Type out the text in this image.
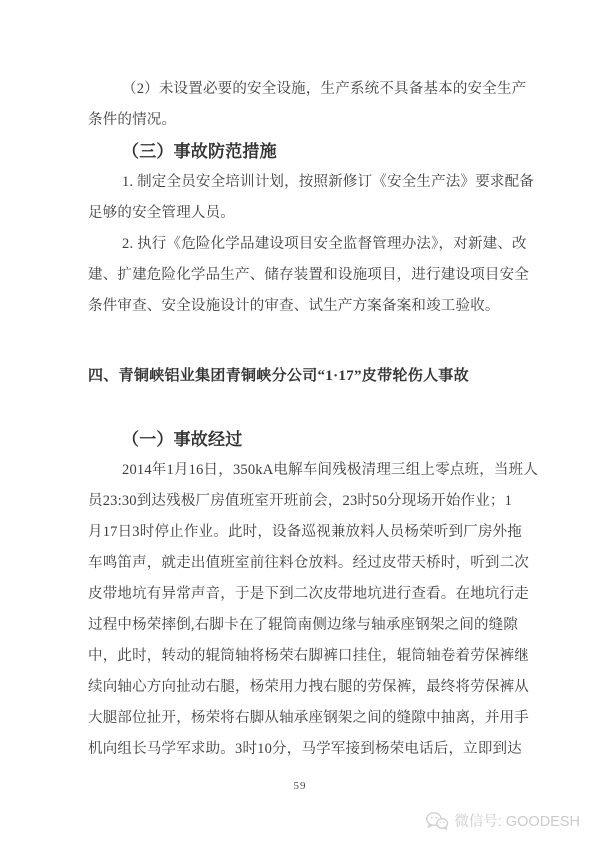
（2）未设置必要的安全设施，生产系统不具备基本的安全生产
条件的情况。
（三）事故防范措施
1. 制定全员安全培训计划，按照新修订《安全生产法》要求配备
足够的安全管理人员。
2. 执行《危险化学品建设项目安全监督管理办法》，对新建、改
建、扩建危险化学品生产、储存装置和设施项目，进行建设项目安全
条件审查、安全设施设计的审查、试生产方案备案和竣工验收。
四、青铜峡铝业集团青铜峡分公司“1·17”皮带轮伤人事故
（一）事故经过
2014年1月16日，350kA电解车间残极清理三组上零点班，当班人
员23:30到达残极厂房值班室开班前会，23时50分现场开始作业；1
月17日3时停止作业。此时，设备巡视兼放料人员杨荣听到厂房外拖
车鸣笛声，就走出值班室前往料仓放料。经过皮带天桥时，听到二次
皮带地坑有异常声音，于是下到二次皮带地坑进行查看。在地坑行走
过程中杨荣摔倒,右脚卡在了辊筒南侧边缘与轴承座钢架之间的缝隙
中，此时，转动的辊筒轴将杨荣右脚裤口挂住，辊筒轴卷着劳保裤继
续向轴心方向扯动右腿，杨荣用力拽右腿的劳保裤，最终将劳保裤从
大腿部位扯开，杨荣将右脚从轴承座钢架之间的缝隙中抽离，并用手
机向组长马学军求助。3时10分，马学军接到杨荣电话后，立即到达
59
微信号: GOODESH
